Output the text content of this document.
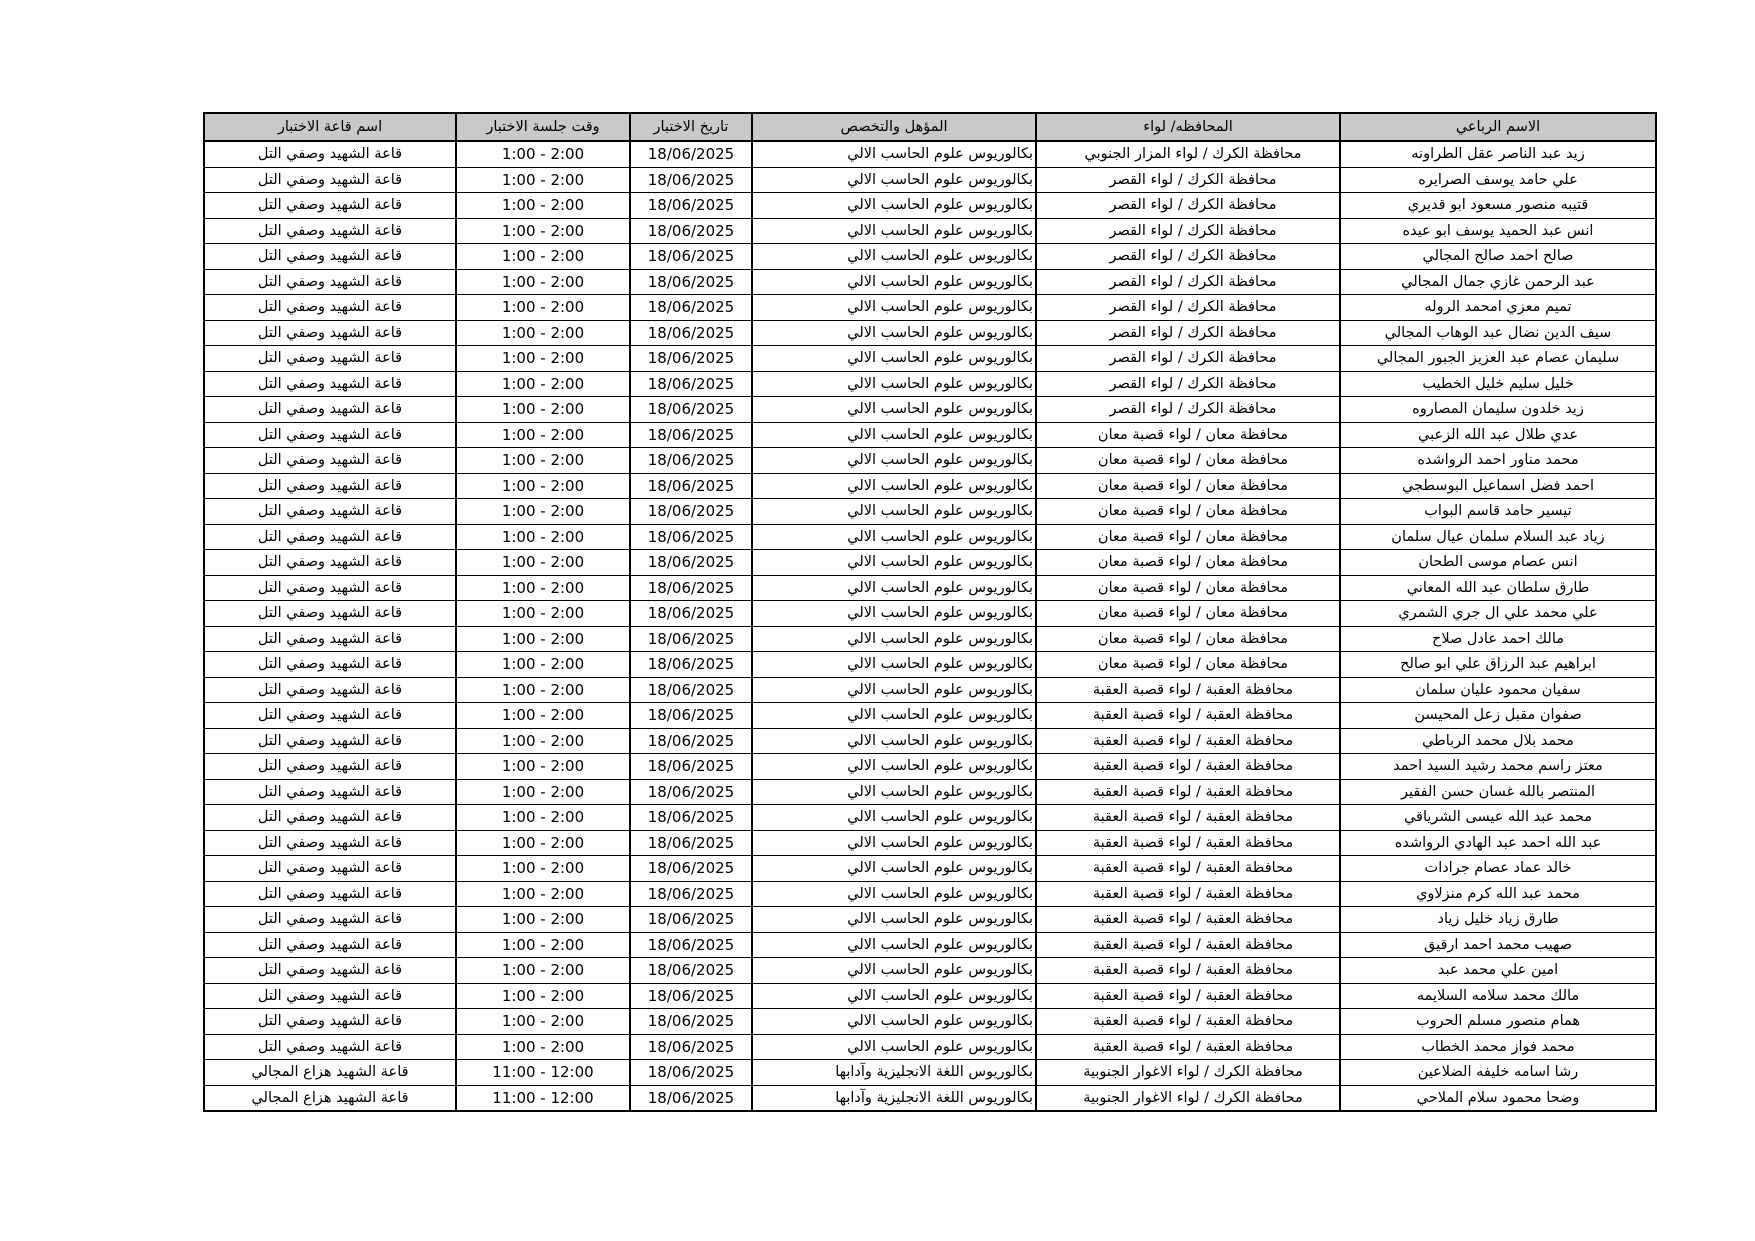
الاسم الرباعي	المحافظه/ لواء	المؤهل والتخصص	تاريخ الاختبار	وقت جلسة الاختبار	اسم قاعة الاختبار
زيد عبد الناصر عقل الطراونه	محافظة الكرك / لواء المزار الجنوبي	بكالوريوس علوم الحاسب الالي	18/06/2025	1:00 - 2:00	قاعة الشهيد وصفي التل
علي حامد يوسف الصرايره	محافظة الكرك / لواء القصر	بكالوريوس علوم الحاسب الالي	18/06/2025	1:00 - 2:00	قاعة الشهيد وصفي التل
قتيبه منصور مسعود ابو قديري	محافظة الكرك / لواء القصر	بكالوريوس علوم الحاسب الالي	18/06/2025	1:00 - 2:00	قاعة الشهيد وصفي التل
انس عبد الحميد يوسف ابو عيده	محافظة الكرك / لواء القصر	بكالوريوس علوم الحاسب الالي	18/06/2025	1:00 - 2:00	قاعة الشهيد وصفي التل
صالح احمد صالح المجالي	محافظة الكرك / لواء القصر	بكالوريوس علوم الحاسب الالي	18/06/2025	1:00 - 2:00	قاعة الشهيد وصفي التل
عبد الرحمن غازي جمال المجالي	محافظة الكرك / لواء القصر	بكالوريوس علوم الحاسب الالي	18/06/2025	1:00 - 2:00	قاعة الشهيد وصفي التل
تميم معزي امحمد الروله	محافظة الكرك / لواء القصر	بكالوريوس علوم الحاسب الالي	18/06/2025	1:00 - 2:00	قاعة الشهيد وصفي التل
سيف الدين نضال عبد الوهاب المجالي	محافظة الكرك / لواء القصر	بكالوريوس علوم الحاسب الالي	18/06/2025	1:00 - 2:00	قاعة الشهيد وصفي التل
سليمان عصام عبد العزيز الجبور المجالي	محافظة الكرك / لواء القصر	بكالوريوس علوم الحاسب الالي	18/06/2025	1:00 - 2:00	قاعة الشهيد وصفي التل
خليل سليم خليل الخطيب	محافظة الكرك / لواء القصر	بكالوريوس علوم الحاسب الالي	18/06/2025	1:00 - 2:00	قاعة الشهيد وصفي التل
زيد خلدون سليمان المصاروه	محافظة الكرك / لواء القصر	بكالوريوس علوم الحاسب الالي	18/06/2025	1:00 - 2:00	قاعة الشهيد وصفي التل
عدي طلال عبد الله الزعبي	محافظة معان / لواء قصبة معان	بكالوريوس علوم الحاسب الالي	18/06/2025	1:00 - 2:00	قاعة الشهيد وصفي التل
محمد مناور احمد الرواشده	محافظة معان / لواء قصبة معان	بكالوريوس علوم الحاسب الالي	18/06/2025	1:00 - 2:00	قاعة الشهيد وصفي التل
احمد فضل اسماعيل البوسطجي	محافظة معان / لواء قصبة معان	بكالوريوس علوم الحاسب الالي	18/06/2025	1:00 - 2:00	قاعة الشهيد وصفي التل
تيسير حامد قاسم البواب	محافظة معان / لواء قصبة معان	بكالوريوس علوم الحاسب الالي	18/06/2025	1:00 - 2:00	قاعة الشهيد وصفي التل
زياد عبد السلام سلمان عيال سلمان	محافظة معان / لواء قصبة معان	بكالوريوس علوم الحاسب الالي	18/06/2025	1:00 - 2:00	قاعة الشهيد وصفي التل
انس عصام موسى الطحان	محافظة معان / لواء قصبة معان	بكالوريوس علوم الحاسب الالي	18/06/2025	1:00 - 2:00	قاعة الشهيد وصفي التل
طارق سلطان عبد الله المعاني	محافظة معان / لواء قصبة معان	بكالوريوس علوم الحاسب الالي	18/06/2025	1:00 - 2:00	قاعة الشهيد وصفي التل
علي محمد علي ال جري الشمري	محافظة معان / لواء قصبة معان	بكالوريوس علوم الحاسب الالي	18/06/2025	1:00 - 2:00	قاعة الشهيد وصفي التل
مالك احمد عادل صلاح	محافظة معان / لواء قصبة معان	بكالوريوس علوم الحاسب الالي	18/06/2025	1:00 - 2:00	قاعة الشهيد وصفي التل
ابراهيم عبد الرزاق علي ابو صالح	محافظة معان / لواء قصبة معان	بكالوريوس علوم الحاسب الالي	18/06/2025	1:00 - 2:00	قاعة الشهيد وصفي التل
سفيان محمود عليان سلمان	محافظة العقبة / لواء قصبة العقبة	بكالوريوس علوم الحاسب الالي	18/06/2025	1:00 - 2:00	قاعة الشهيد وصفي التل
صفوان مقبل زعل المحيسن	محافظة العقبة / لواء قصبة العقبة	بكالوريوس علوم الحاسب الالي	18/06/2025	1:00 - 2:00	قاعة الشهيد وصفي التل
محمد بلال محمد الرباطي	محافظة العقبة / لواء قصبة العقبة	بكالوريوس علوم الحاسب الالي	18/06/2025	1:00 - 2:00	قاعة الشهيد وصفي التل
معتز راسم محمد رشيد السيد احمد	محافظة العقبة / لواء قصبة العقبة	بكالوريوس علوم الحاسب الالي	18/06/2025	1:00 - 2:00	قاعة الشهيد وصفي التل
المنتصر بالله غسان حسن الفقير	محافظة العقبة / لواء قصبة العقبة	بكالوريوس علوم الحاسب الالي	18/06/2025	1:00 - 2:00	قاعة الشهيد وصفي التل
محمد عبد الله عيسى الشرياقي	محافظة العقبة / لواء قصبة العقبة	بكالوريوس علوم الحاسب الالي	18/06/2025	1:00 - 2:00	قاعة الشهيد وصفي التل
عبد الله احمد عبد الهادي الرواشده	محافظة العقبة / لواء قصبة العقبة	بكالوريوس علوم الحاسب الالي	18/06/2025	1:00 - 2:00	قاعة الشهيد وصفي التل
خالد عماد عصام جرادات	محافظة العقبة / لواء قصبة العقبة	بكالوريوس علوم الحاسب الالي	18/06/2025	1:00 - 2:00	قاعة الشهيد وصفي التل
محمد عبد الله كرم منزلاوي	محافظة العقبة / لواء قصبة العقبة	بكالوريوس علوم الحاسب الالي	18/06/2025	1:00 - 2:00	قاعة الشهيد وصفي التل
طارق زياد خليل زياد	محافظة العقبة / لواء قصبة العقبة	بكالوريوس علوم الحاسب الالي	18/06/2025	1:00 - 2:00	قاعة الشهيد وصفي التل
صهيب محمد احمد ارقيق	محافظة العقبة / لواء قصبة العقبة	بكالوريوس علوم الحاسب الالي	18/06/2025	1:00 - 2:00	قاعة الشهيد وصفي التل
امين علي محمد عبد	محافظة العقبة / لواء قصبة العقبة	بكالوريوس علوم الحاسب الالي	18/06/2025	1:00 - 2:00	قاعة الشهيد وصفي التل
مالك محمد سلامه السلايمه	محافظة العقبة / لواء قصبة العقبة	بكالوريوس علوم الحاسب الالي	18/06/2025	1:00 - 2:00	قاعة الشهيد وصفي التل
همام منصور مسلم الحروب	محافظة العقبة / لواء قصبة العقبة	بكالوريوس علوم الحاسب الالي	18/06/2025	1:00 - 2:00	قاعة الشهيد وصفي التل
محمد فواز محمد الخطاب	محافظة العقبة / لواء قصبة العقبة	بكالوريوس علوم الحاسب الالي	18/06/2025	1:00 - 2:00	قاعة الشهيد وصفي التل
رشا اسامه خليفه الضلاعين	محافظة الكرك / لواء الاغوار الجنوبية	بكالوريوس اللغة الانجليزية وآدابها	18/06/2025	11:00 - 12:00	قاعة الشهيد هزاع المجالي
وضحا محمود سلام الملاحي	محافظة الكرك / لواء الاغوار الجنوبية	بكالوريوس اللغة الانجليزية وآدابها	18/06/2025	11:00 - 12:00	قاعة الشهيد هزاع المجالي
